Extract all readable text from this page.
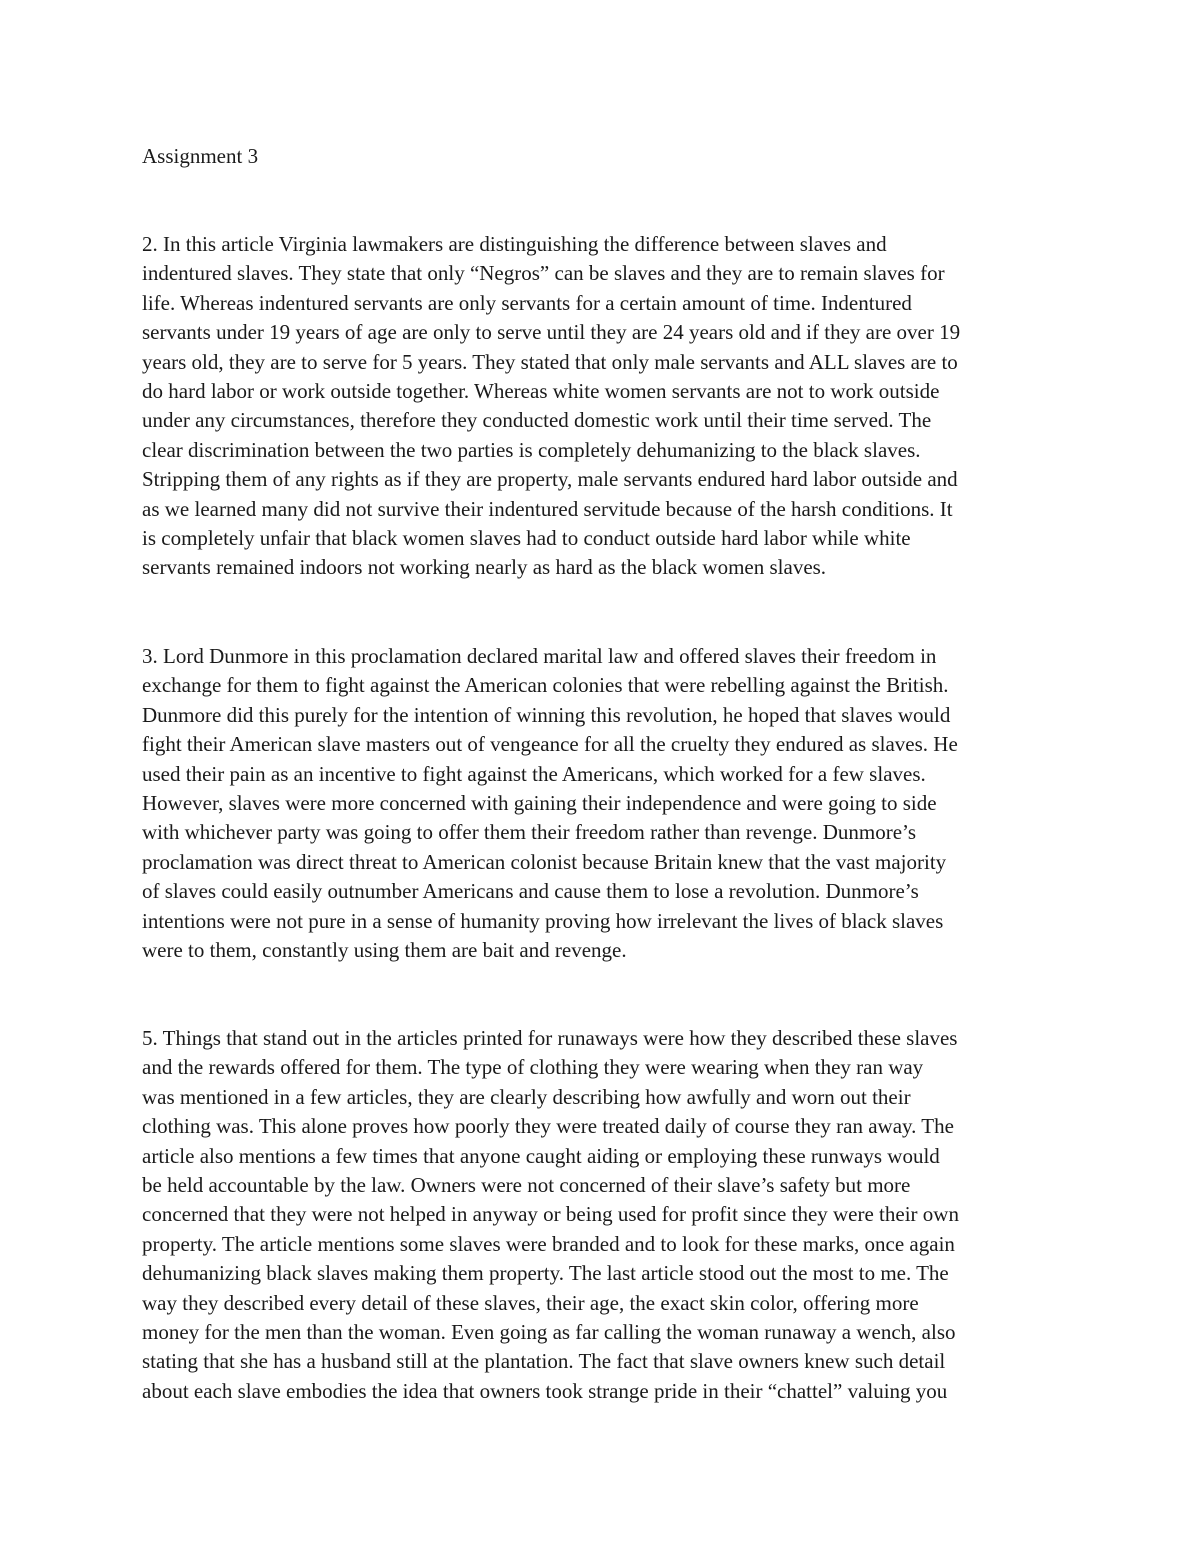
Assignment 3

2. In this article Virginia lawmakers are distinguishing the difference between slaves and
indentured slaves. They state that only “Negros” can be slaves and they are to remain slaves for
life. Whereas indentured servants are only servants for a certain amount of time. Indentured
servants under 19 years of age are only to serve until they are 24 years old and if they are over 19
years old, they are to serve for 5 years. They stated that only male servants and ALL slaves are to
do hard labor or work outside together. Whereas white women servants are not to work outside
under any circumstances, therefore they conducted domestic work until their time served. The
clear discrimination between the two parties is completely dehumanizing to the black slaves.
Stripping them of any rights as if they are property, male servants endured hard labor outside and
as we learned many did not survive their indentured servitude because of the harsh conditions. It
is completely unfair that black women slaves had to conduct outside hard labor while white
servants remained indoors not working nearly as hard as the black women slaves.

3. Lord Dunmore in this proclamation declared marital law and offered slaves their freedom in
exchange for them to fight against the American colonies that were rebelling against the British.
Dunmore did this purely for the intention of winning this revolution, he hoped that slaves would
fight their American slave masters out of vengeance for all the cruelty they endured as slaves. He
used their pain as an incentive to fight against the Americans, which worked for a few slaves.
However, slaves were more concerned with gaining their independence and were going to side
with whichever party was going to offer them their freedom rather than revenge. Dunmore’s
proclamation was direct threat to American colonist because Britain knew that the vast majority
of slaves could easily outnumber Americans and cause them to lose a revolution. Dunmore’s
intentions were not pure in a sense of humanity proving how irrelevant the lives of black slaves
were to them, constantly using them are bait and revenge.

5. Things that stand out in the articles printed for runaways were how they described these slaves
and the rewards offered for them. The type of clothing they were wearing when they ran way
was mentioned in a few articles, they are clearly describing how awfully and worn out their
clothing was. This alone proves how poorly they were treated daily of course they ran away. The
article also mentions a few times that anyone caught aiding or employing these runways would
be held accountable by the law. Owners were not concerned of their slave’s safety but more
concerned that they were not helped in anyway or being used for profit since they were their own
property. The article mentions some slaves were branded and to look for these marks, once again
dehumanizing black slaves making them property. The last article stood out the most to me. The
way they described every detail of these slaves, their age, the exact skin color, offering more
money for the men than the woman. Even going as far calling the woman runaway a wench, also
stating that she has a husband still at the plantation. The fact that slave owners knew such detail
about each slave embodies the idea that owners took strange pride in their “chattel” valuing you
